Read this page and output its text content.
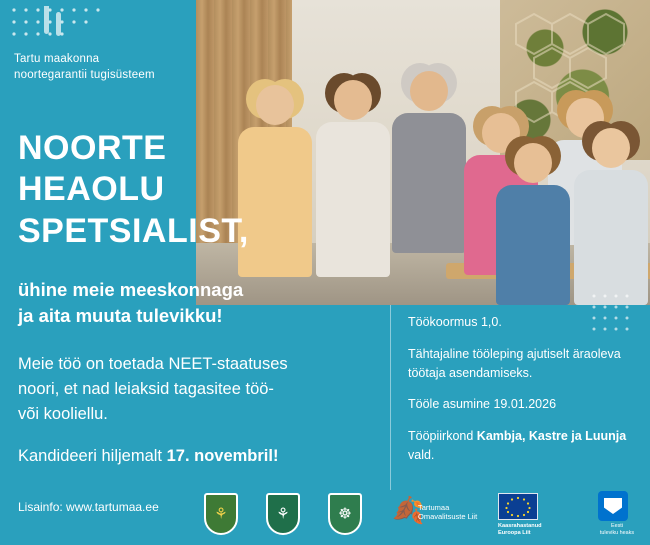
Tartu maakonna
noortegarantii tugisüsteem
NOORTE
HEAOLU
SPETSIALIST,
ühine meie meeskonnaga
ja aita muuta tulevikku!
Meie töö on toetada NEET-staatuses
noori, et nad leiaksid tagasitee töö-
või kooliellu.
Kandideeri hiljemalt 17. novembril!
Lisainfo: www.tartumaa.ee
Töökoormus 1,0.
Tähtajaline tööleping ajutiselt äraoleva töötaja asendamiseks.
Tööle asumine 19.01.2026
Tööpiirkond Kambja, Kastre ja Luunja vald.
⚘	⚘	☸ 🍂
Tartumaa
Omavalitsuste Liit
Kaasrahastanud
Euroopa Liit
Eesti
tuleviku heaks
